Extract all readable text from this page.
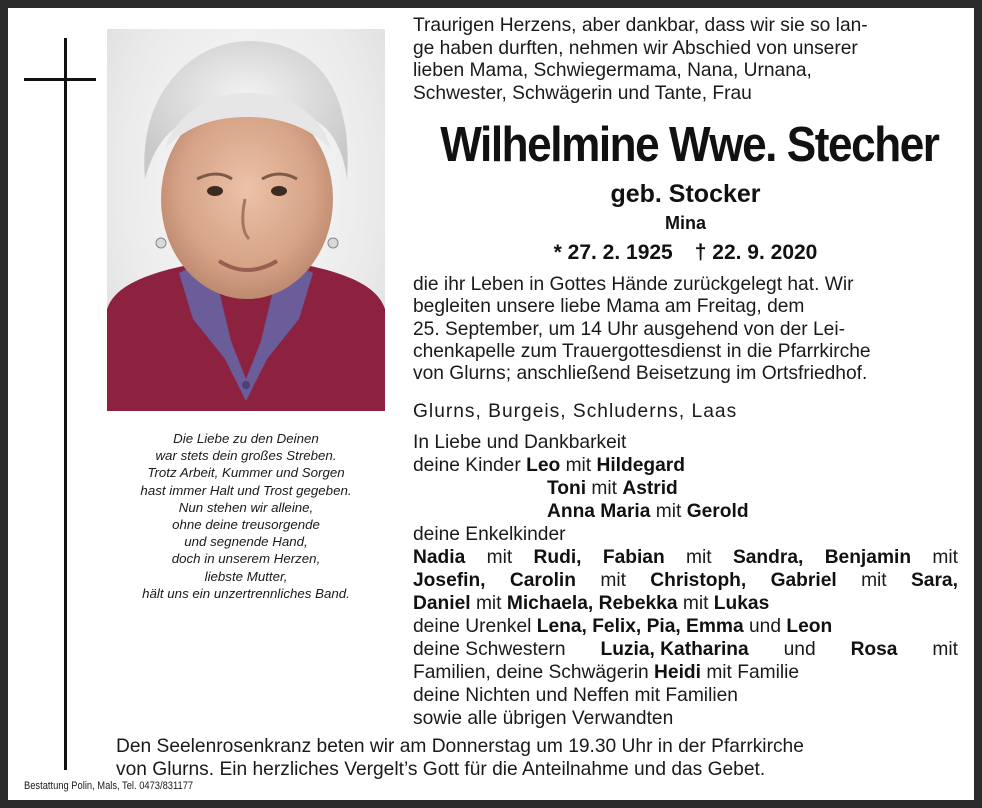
Die Liebe zu den Deinen
war stets dein großes Streben.
Trotz Arbeit, Kummer und Sorgen
hast immer Halt und Trost gegeben.
Nun stehen wir alleine,
ohne deine treusorgende
und segnende Hand,
doch in unserem Herzen,
liebste Mutter,
hält uns ein unzertrennliches Band.
Traurigen Herzens, aber dankbar, dass wir sie so lan-
ge haben durften, nehmen wir Abschied von unserer
lieben Mama, Schwiegermama, Nana, Urnana,
Schwester, Schwägerin und Tante, Frau
Wilhelmine Wwe. Stecher
geb. Stocker
Mina
* 27. 2. 1925 † 22. 9. 2020
die ihr Leben in Gottes Hände zurückgelegt hat. Wir
begleiten unsere liebe Mama am Freitag, dem
25. September, um 14 Uhr ausgehend von der Lei-
chenkapelle zum Trauergottesdienst in die Pfarrkirche
von Glurns; anschließend Beisetzung im Ortsfriedhof.
Glurns, Burgeis, Schluderns, Laas
In Liebe und Dankbarkeit
deine Kinder Leo mit Hildegard
Toni mit Astrid
Anna Maria mit Gerold
deine Enkelkinder
Nadia mit Rudi, Fabian mit Sandra, Benjamin mit
Josefin, Carolin mit Christoph, Gabriel mit Sara,
Daniel mit Michaela, Rebekka mit Lukas
deine Urenkel Lena, Felix, Pia, Emma und Leon
deine Schwestern Luzia, Katharina und Rosa mit
Familien, deine Schwägerin Heidi mit Familie
deine Nichten und Neffen mit Familien
sowie alle übrigen Verwandten
Den Seelenrosenkranz beten wir am Donnerstag um 19.30 Uhr in der Pfarrkirche
von Glurns. Ein herzliches Vergelt’s Gott für die Anteilnahme und das Gebet.
Bestattung Polin, Mals, Tel. 0473/831177
